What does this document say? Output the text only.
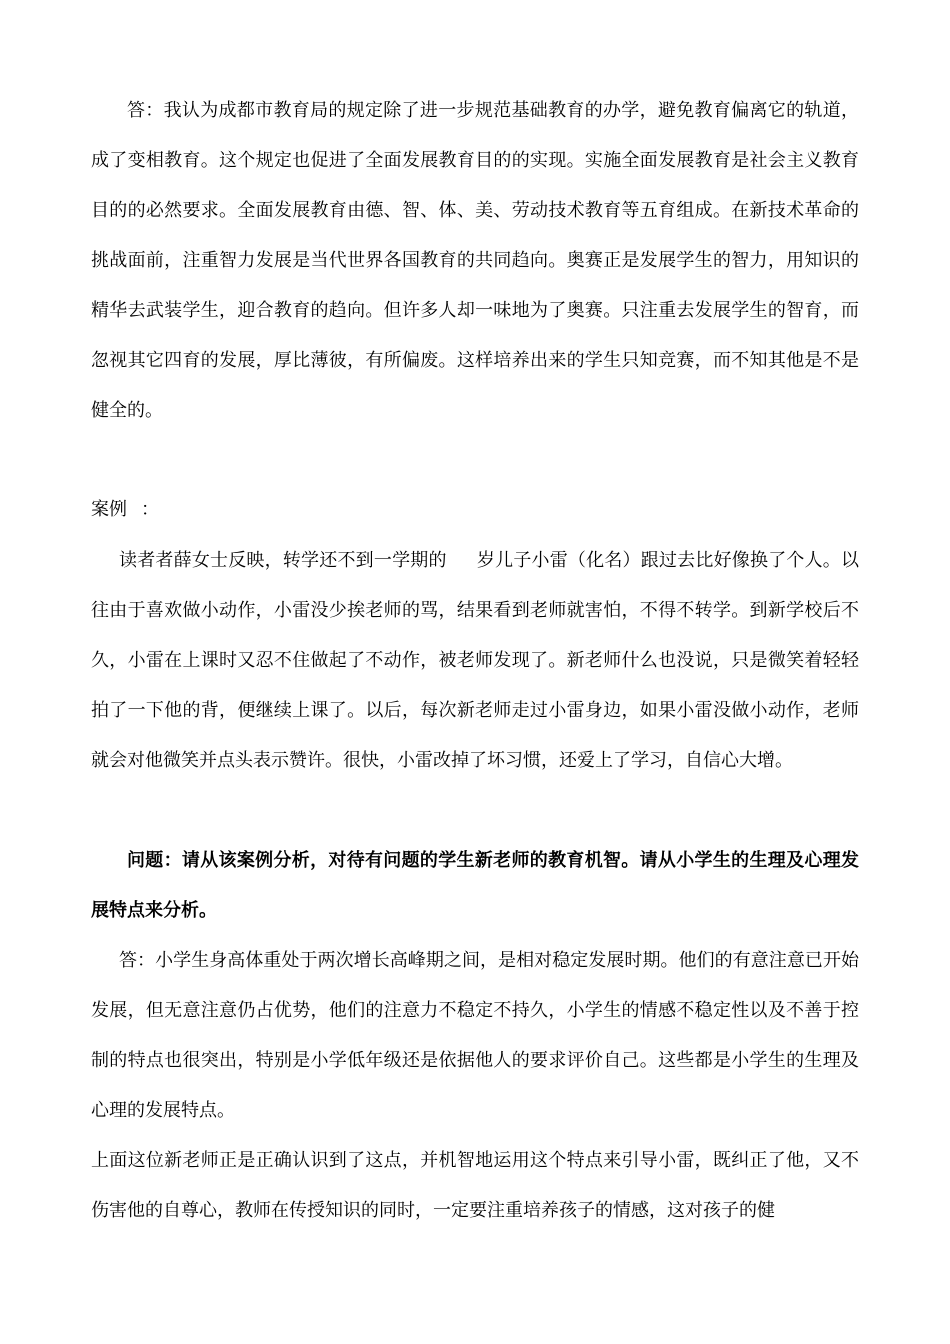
答：我认为成都市教育局的规定除了进一步规范基础教育的办学，避免教育偏离它的轨道，成了变相教育。这个规定也促进了全面发展教育目的的实现。实施全面发展教育是社会主义教育目的的必然要求。全面发展教育由德、智、体、美、劳动技术教育等五育组成。在新技术革命的挑战面前，注重智力发展是当代世界各国教育的共同趋向。奥赛正是发展学生的智力，用知识的精华去武装学生，迎合教育的趋向。但许多人却一味地为了奥赛。只注重去发展学生的智育，而忽视其它四育的发展，厚比薄彼，有所偏废。这样培养出来的学生只知竞赛，而不知其他是不是健全的。

案例 ：

读者者薛女士反映，转学还不到一学期的 岁儿子小雷（化名）跟过去比好像换了个人。以往由于喜欢做小动作，小雷没少挨老师的骂，结果看到老师就害怕，不得不转学。到新学校后不久，小雷在上课时又忍不住做起了不动作，被老师发现了。新老师什么也没说，只是微笑着轻轻拍了一下他的背，便继续上课了。以后，每次新老师走过小雷身边，如果小雷没做小动作，老师就会对他微笑并点头表示赞许。很快，小雷改掉了坏习惯，还爱上了学习，自信心大增。

问题：请从该案例分析，对待有问题的学生新老师的教育机智。请从小学生的生理及心理发展特点来分析。

答：小学生身高体重处于两次增长高峰期之间，是相对稳定发展时期。他们的有意注意已开始发展，但无意注意仍占优势，他们的注意力不稳定不持久，小学生的情感不稳定性以及不善于控制的特点也很突出，特别是小学低年级还是依据他人的要求评价自己。这些都是小学生的生理及心理的发展特点。

上面这位新老师正是正确认识到了这点，并机智地运用这个特点来引导小雷，既纠正了他，又不伤害他的自尊心，教师在传授知识的同时，一定要注重培养孩子的情感，这对孩子的健
